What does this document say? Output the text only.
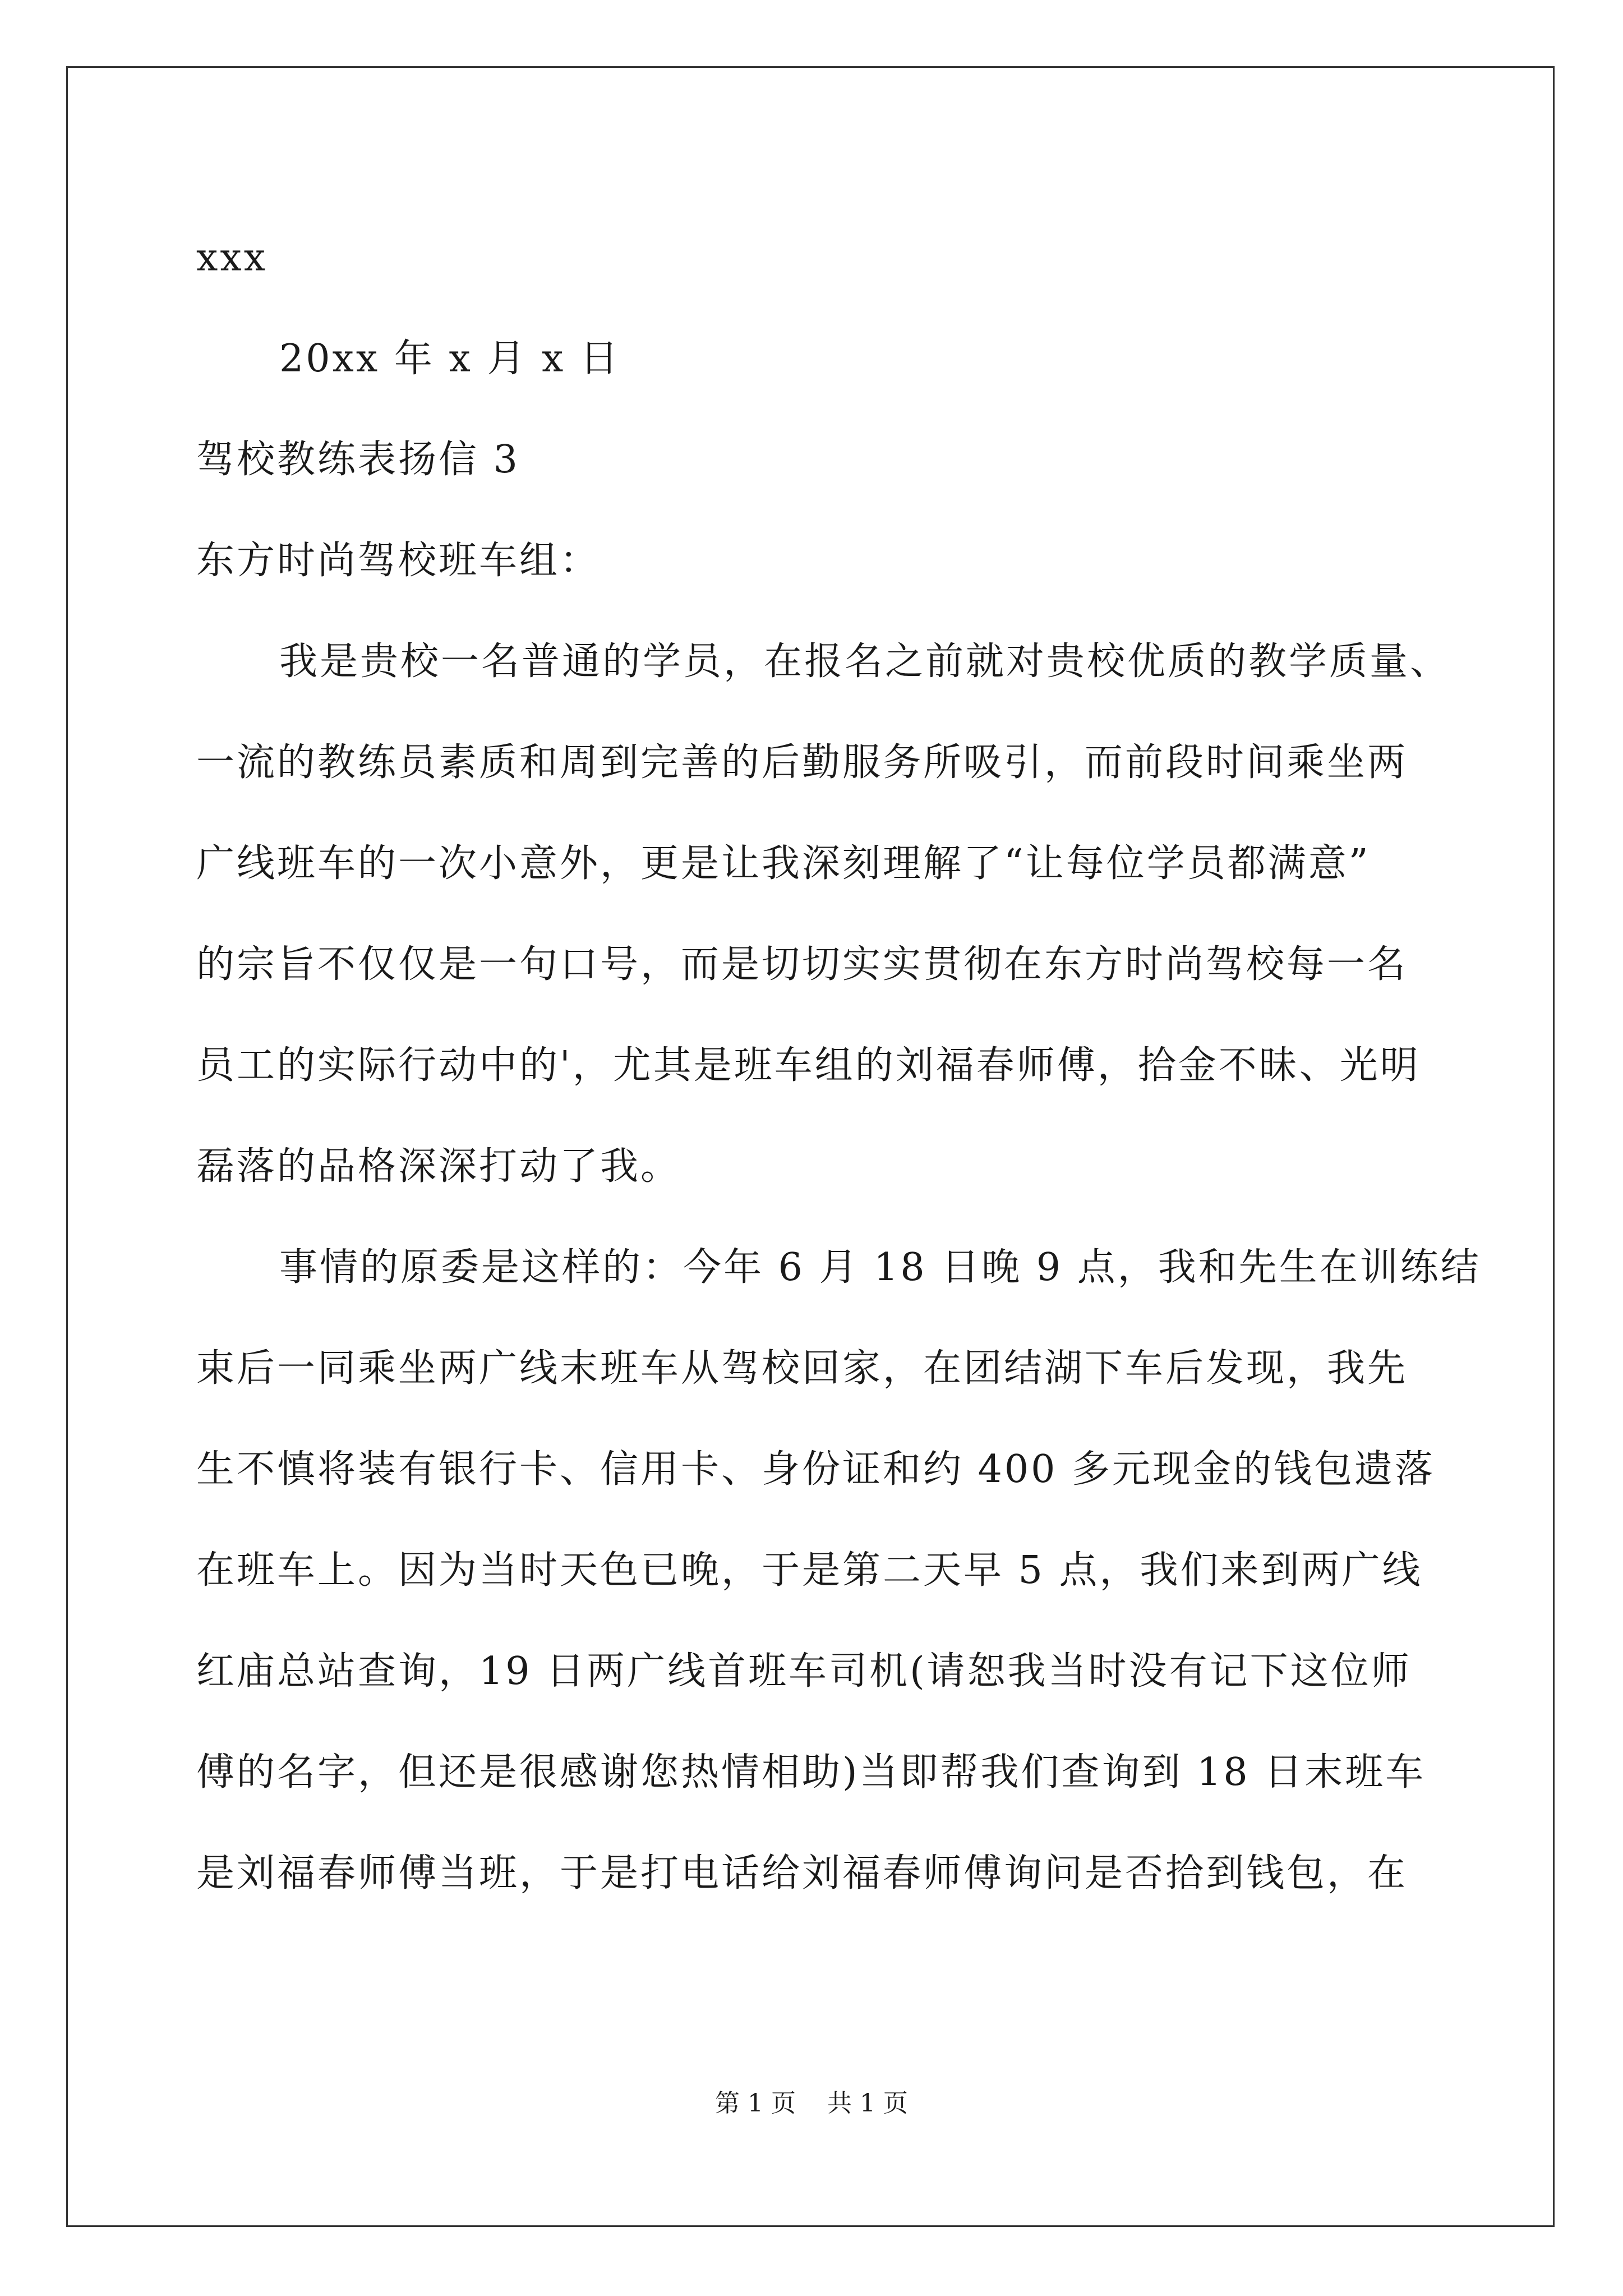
xxx
20xx 年 x 月 x 日
驾校教练表扬信 3
东方时尚驾校班车组：
我是贵校一名普通的学员，在报名之前就对贵校优质的教学质量、
一流的教练员素质和周到完善的后勤服务所吸引，而前段时间乘坐两
广线班车的一次小意外，更是让我深刻理解了“让每位学员都满意”
的宗旨不仅仅是一句口号，而是切切实实贯彻在东方时尚驾校每一名
员工的实际行动中的'，尤其是班车组的刘福春师傅，拾金不昧、光明
磊落的品格深深打动了我。
事情的原委是这样的：今年 6 月 18 日晚 9 点，我和先生在训练结
束后一同乘坐两广线末班车从驾校回家，在团结湖下车后发现，我先
生不慎将装有银行卡、信用卡、身份证和约 400 多元现金的钱包遗落
在班车上。因为当时天色已晚，于是第二天早 5 点，我们来到两广线
红庙总站查询，19 日两广线首班车司机(请恕我当时没有记下这位师
傅的名字，但还是很感谢您热情相助)当即帮我们查询到 18 日末班车
是刘福春师傅当班，于是打电话给刘福春师傅询问是否拾到钱包，在
第 1 页    共 1 页
